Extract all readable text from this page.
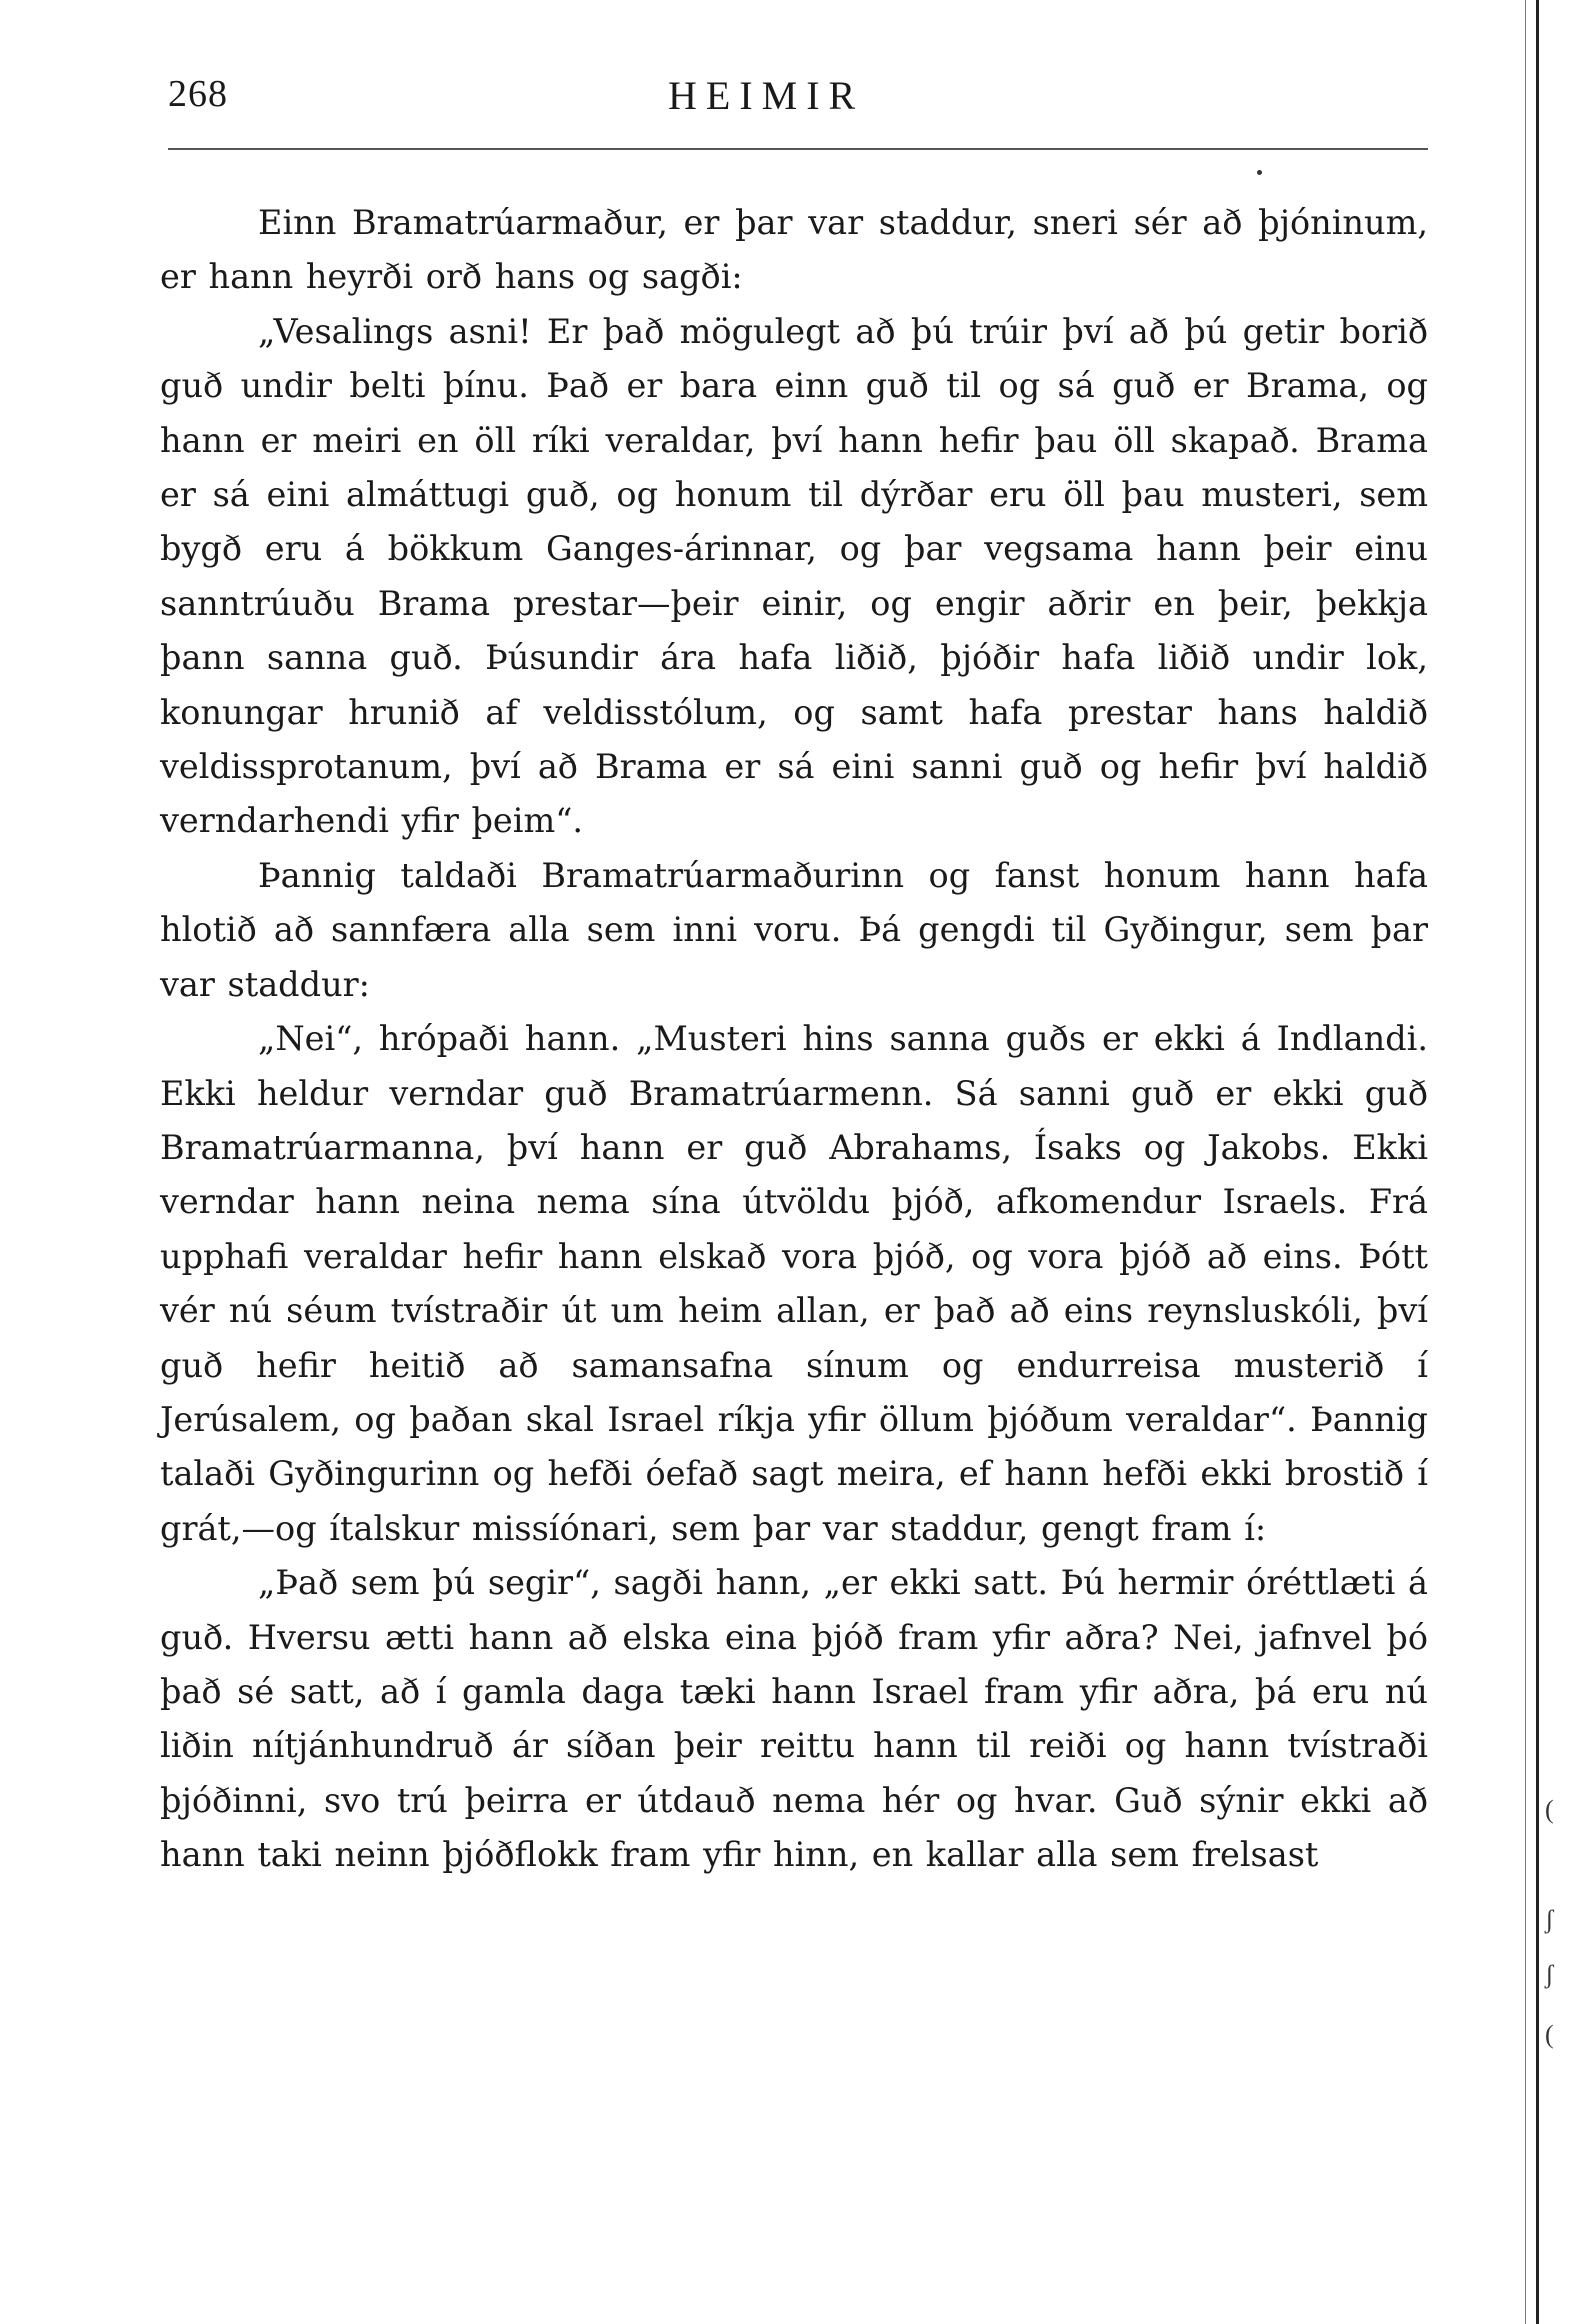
268	HEIMIR

Einn Bramatrúarmaður, er þar var staddur, sneri sér að þjóninum, er hann heyrði orð hans og sagði:

„Vesalings asni! Er það mögulegt að þú trúir því að þú getir borið guð undir belti þínu. Það er bara einn guð til og sá guð er Brama, og hann er meiri en öll ríki veraldar, því hann hefir þau öll skapað. Brama er sá eini almáttugi guð, og honum til dýrðar eru öll þau musteri, sem bygð eru á bökkum Ganges-árinnar, og þar vegsama hann þeir einu sanntrúuðu Brama prestar—þeir einir, og engir aðrir en þeir, þekkja þann sanna guð. Þúsundir ára hafa liðið, þjóðir hafa liðið undir lok, konungar hrunið af veldisstólum, og samt hafa prestar hans haldið veldissprotanum, því að Brama er sá eini sanni guð og hefir því haldið verndarhendi yfir þeim“.

Þannig taldaði Bramatrúarmaðurinn og fanst honum hann hafa hlotið að sannfæra alla sem inni voru. Þá gengdi til Gyðingur, sem þar var staddur:

„Nei“, hrópaði hann. „Musteri hins sanna guðs er ekki á Indlandi. Ekki heldur verndar guð Bramatrúarmenn. Sá sanni guð er ekki guð Bramatrúarmanna, því hann er guð Abrahams, Ísaks og Jakobs. Ekki verndar hann neina nema sína útvöldu þjóð, afkomendur Israels. Frá upphafi veraldar hefir hann elskað vora þjóð, og vora þjóð að eins. Þótt vér nú séum tvístraðir út um heim allan, er það að eins reynsluskóli, því guð hefir heitið að samansafna sínum og endurreisa musterið í Jerúsalem, og þaðan skal Israel ríkja yfir öllum þjóðum veraldar“. Þannig talaði Gyðingurinn og hefði óefað sagt meira, ef hann hefði ekki brostið í grát,—og ítalskur missíónari, sem þar var staddur, gengt fram í:

„Það sem þú segir“, sagði hann, „er ekki satt. Þú hermir óréttlæti á guð. Hversu ætti hann að elska eina þjóð fram yfir aðra? Nei, jafnvel þó það sé satt, að í gamla daga tæki hann Israel fram yfir aðra, þá eru nú liðin nítjánhundruð ár síðan þeir reittu hann til reiði og hann tvístraði þjóðinni, svo trú þeirra er útdauð nema hér og hvar. Guð sýnir ekki að hann taki neinn þjóðflokk fram yfir hinn, en kallar alla sem frelsast

(
ʃ
ʃ
(
